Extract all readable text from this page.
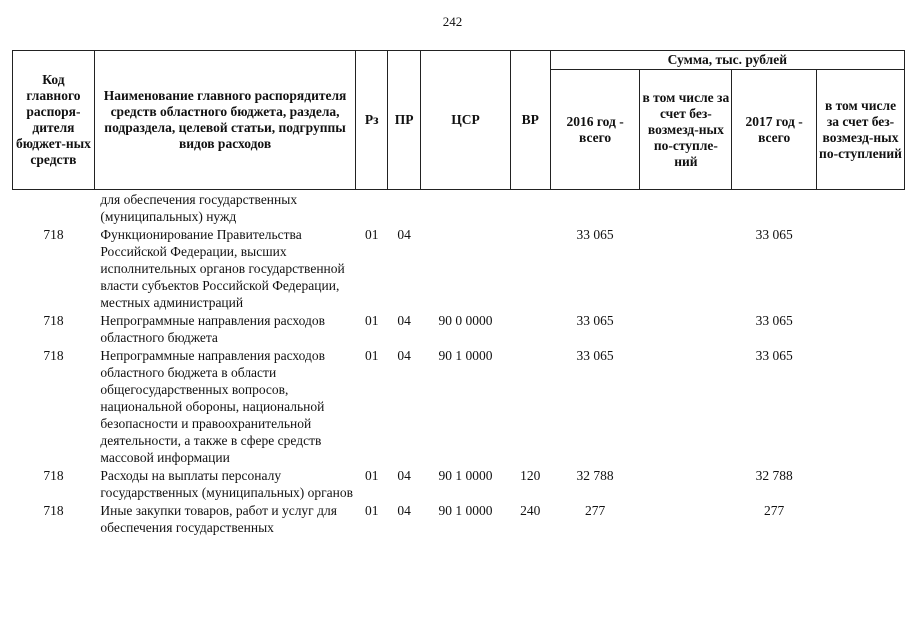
242
Код главного распоря-дителя бюджет-ных средств	Наименование главного распорядителя средств областного бюджета, раздела, подраздела, целевой статьи, подгруппы видов расходов	Рз	ПР	ЦСР	ВР	Сумма, тыс. рублей			
						2016 год - всего	в том числе за счет без-возмезд-ных по-ступле-ний	2017 год - всего	в том числе за счет без-возмезд-ных по-ступлений
	для обеспечения государственных (муниципальных) нужд								
718	Функционирование Правительства Российской Федерации, высших исполнительных органов государственной власти субъектов Российской Федерации, местных администраций	01	04			33 065		33 065	
718	Непрограммные направления расходов областного бюджета	01	04	90 0 0000		33 065		33 065	
718	Непрограммные направления расходов областного бюджета в области общегосударственных вопросов, национальной обороны, национальной безопасности и правоохранительной деятельности, а также в сфере средств массовой информации	01	04	90 1 0000		33 065		33 065	
718	Расходы на выплаты персоналу государственных (муниципальных) органов	01	04	90 1 0000	120	32 788		32 788	
718	Иные закупки товаров, работ и услуг для обеспечения государственных	01	04	90 1 0000	240	277		277	
